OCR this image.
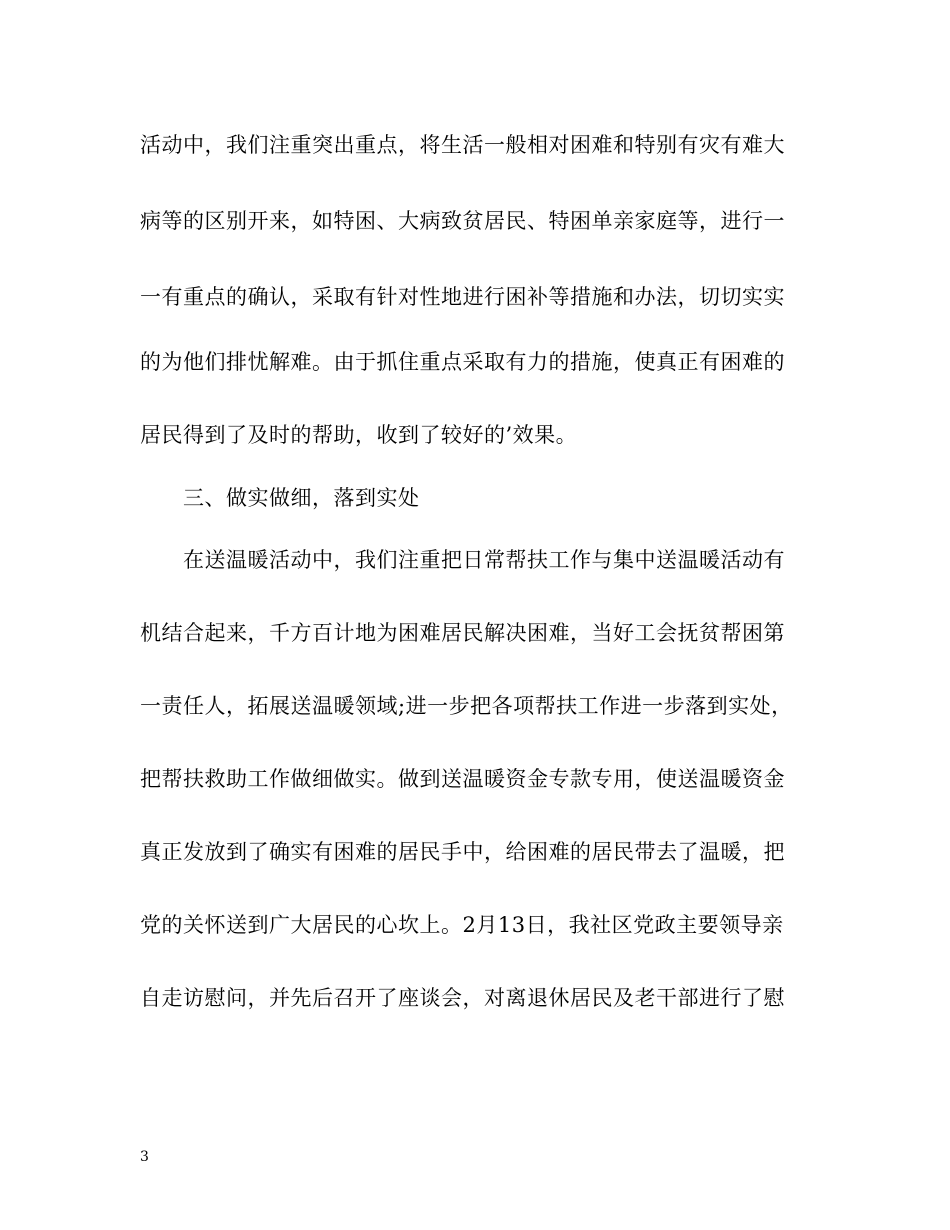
活动中，我们注重突出重点，将生活一般相对困难和特别有灾有难大
病等的区别开来，如特困、大病致贫居民、特困单亲家庭等，进行一
一有重点的确认，采取有针对性地进行困补等措施和办法，切切实实
的为他们排忧解难。由于抓住重点采取有力的措施，使真正有困难的
居民得到了及时的帮助，收到了较好的’效果。
三、做实做细，落到实处
在送温暖活动中，我们注重把日常帮扶工作与集中送温暖活动有
机结合起来，千方百计地为困难居民解决困难，当好工会抚贫帮困第
一责任人，拓展送温暖领域;进一步把各项帮扶工作进一步落到实处，
把帮扶救助工作做细做实。做到送温暖资金专款专用，使送温暖资金
真正发放到了确实有困难的居民手中，给困难的居民带去了温暖，把
党的关怀送到广大居民的心坎上。2月13日，我社区党政主要领导亲
自走访慰问，并先后召开了座谈会，对离退休居民及老干部进行了慰
3
